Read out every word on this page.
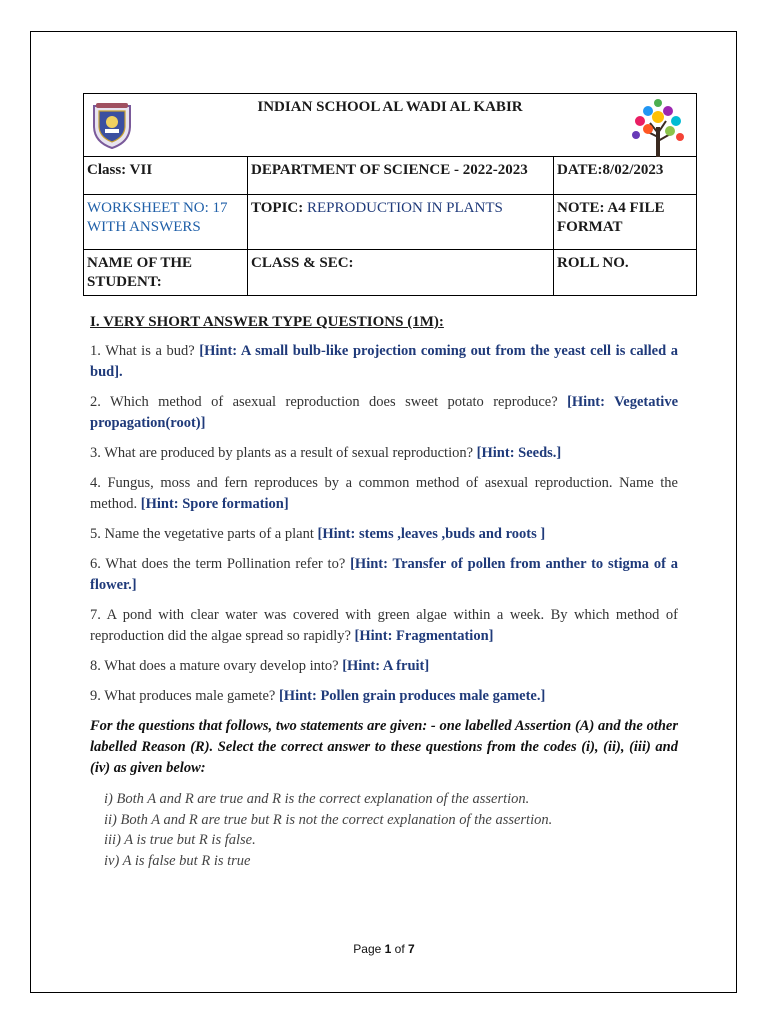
INDIAN SCHOOL AL WADI AL KABIR		

Class: VII	DEPARTMENT OF SCIENCE - 2022-2023	DATE:8/02/2023
WORKSHEET NO: 17 WITH ANSWERS	TOPIC: REPRODUCTION IN PLANTS	NOTE: A4 FILE FORMAT
NAME OF THE STUDENT:	CLASS & SEC:	ROLL NO.
I. VERY SHORT ANSWER TYPE QUESTIONS (1M):

1. What is a bud? [Hint: A small bulb-like projection coming out from the yeast cell is called a bud].

2. Which method of asexual reproduction does sweet potato reproduce? [Hint: Vegetative propagation(root)]

3. What are produced by plants as a result of sexual reproduction? [Hint: Seeds.]

4. Fungus, moss and fern reproduces by a common method of asexual reproduction. Name the method. [Hint: Spore formation]

5. Name the vegetative parts of a plant [Hint: stems ,leaves ,buds and roots ]

6. What does the term Pollination refer to? [Hint: Transfer of pollen from anther to stigma of a flower.]

7. A pond with clear water was covered with green algae within a week. By which method of reproduction did the algae spread so rapidly? [Hint: Fragmentation]

8. What does a mature ovary develop into? [Hint: A fruit]

9. What produces male gamete? [Hint: Pollen grain produces male gamete.]

For the questions that follows, two statements are given: - one labelled Assertion (A) and the other labelled Reason (R). Select the correct answer to these questions from the codes (i), (ii), (iii) and (iv) as given below:

i) Both A and R are true and R is the correct explanation of the assertion.
ii) Both A and R are true but R is not the correct explanation of the assertion.
iii) A is true but R is false.
iv) A is false but R is true
Page 1 of 7
